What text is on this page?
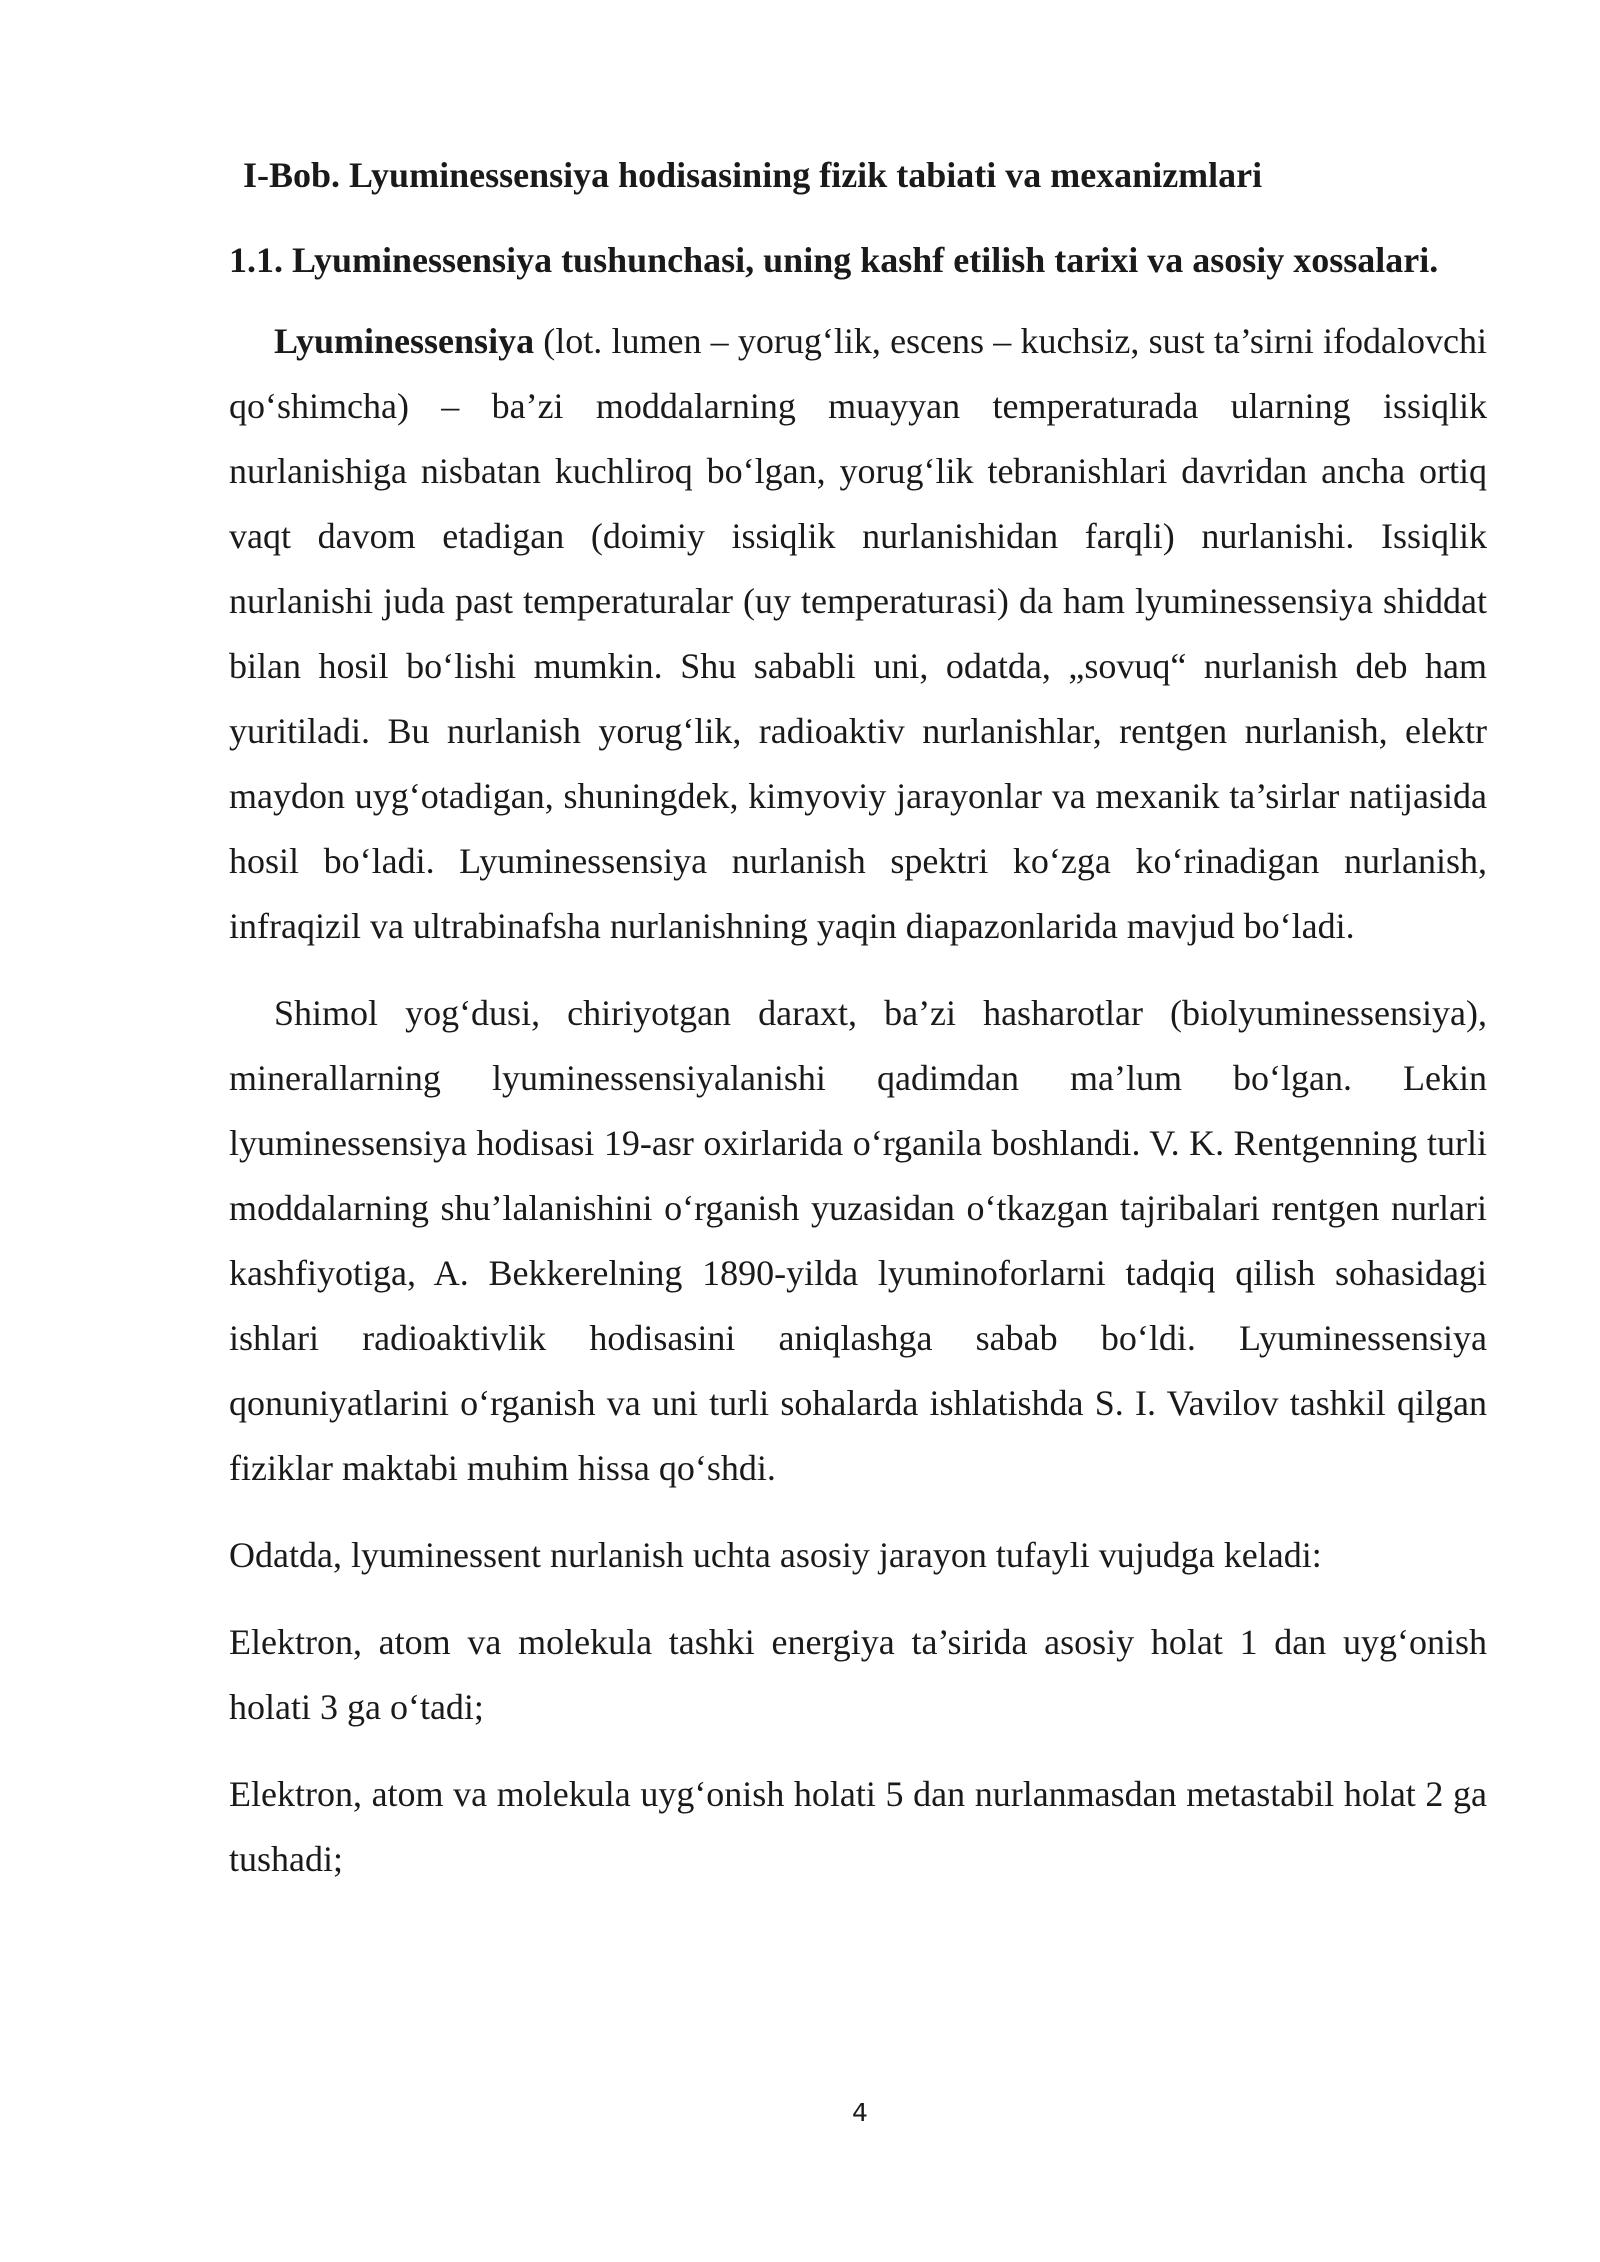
I-Bob. Lyuminessensiya hodisasining fizik tabiati va mexanizmlari
1.1. Lyuminessensiya tushunchasi, uning kashf etilish tarixi va asosiy xossalari.

Lyuminessensiya (lot. lumen – yorugʻlik, escens – kuchsiz, sust ta’sirni ifodalovchi qoʻshimcha) – ba’zi moddalarning muayyan temperaturada ularning issiqlik nurlanishiga nisbatan kuchliroq boʻlgan, yorugʻlik tebranishlari davridan ancha ortiq vaqt davom etadigan (doimiy issiqlik nurlanishidan farqli) nurlanishi. Issiqlik nurlanishi juda past temperaturalar (uy temperaturasi) da ham lyuminessensiya shiddat bilan hosil boʻlishi mumkin. Shu sababli uni, odatda, „sovuq“ nurlanish deb ham yuritiladi. Bu nurlanish yorugʻlik, radioaktiv nurlanishlar, rentgen nurlanish, elektr maydon uygʻotadigan, shuningdek, kimyoviy jarayonlar va mexanik ta’sirlar natijasida hosil boʻladi. Lyuminessensiya nurlanish spektri koʻzga koʻrinadigan nurlanish, infraqizil va ultrabinafsha nurlanishning yaqin diapazonlarida mavjud boʻladi.

Shimol yogʻdusi, chiriyotgan daraxt, ba’zi hasharotlar (biolyuminessensiya), minerallarning lyuminessensiyalanishi qadimdan ma’lum boʻlgan. Lekin lyuminessensiya hodisasi 19-asr oxirlarida oʻrganila boshlandi. V. K. Rentgenning turli moddalarning shu’lalanishini oʻrganish yuzasidan oʻtkazgan tajribalari rentgen nurlari kashfiyotiga, A. Bekkerelning 1890-yilda lyuminoforlarni tadqiq qilish sohasidagi ishlari radioaktivlik hodisasini aniqlashga sabab boʻldi. Lyuminessensiya qonuniyatlarini oʻrganish va uni turli sohalarda ishlatishda S. I. Vavilov tashkil qilgan fiziklar maktabi muhim hissa qoʻshdi.

Odatda, lyuminessent nurlanish uchta asosiy jarayon tufayli vujudga keladi:

Elektron, atom va molekula tashki energiya ta’sirida asosiy holat 1 dan uygʻonish holati 3 ga oʻtadi;

Elektron, atom va molekula uygʻonish holati 5 dan nurlanmasdan metastabil holat 2 ga tushadi;

4
